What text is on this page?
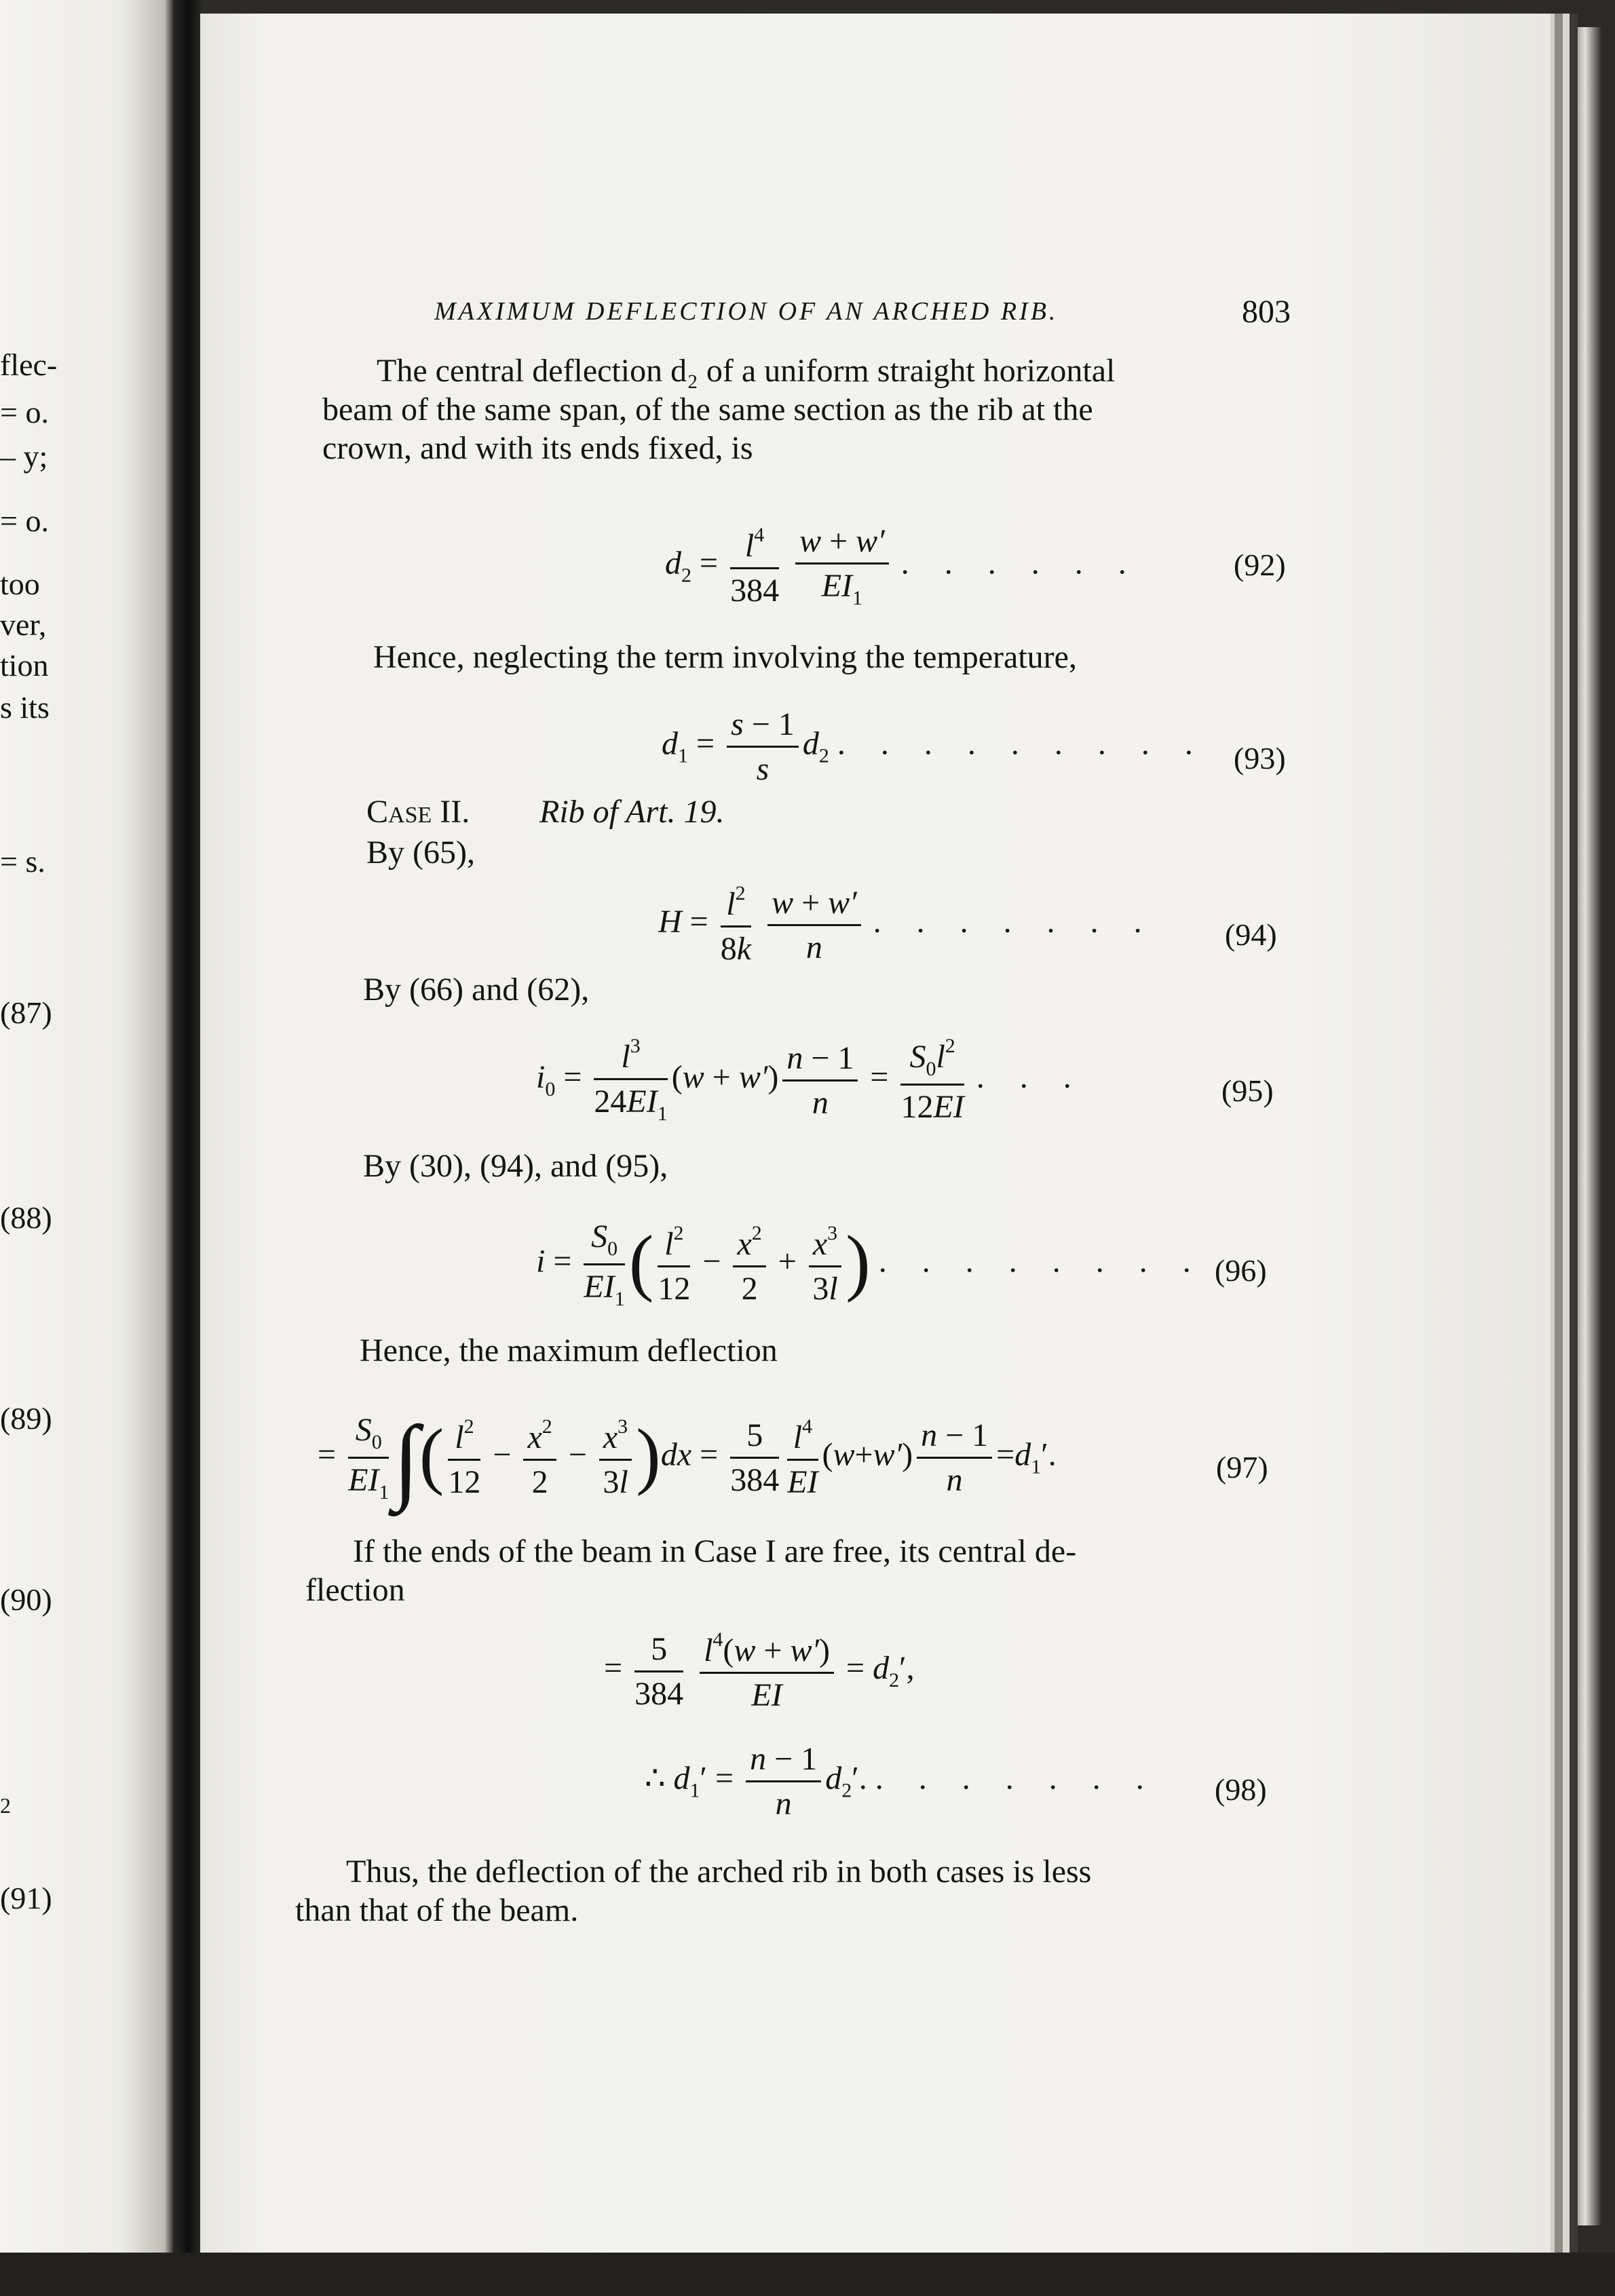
flec-
= o.
– y;
= o.
too
ver,
tion
s its
= s.
(87)
(88)
(89)
(90)
2
(91)
MAXIMUM DEFLECTION OF AN ARCHED RIB.	803
The central deflection d₂ of a uniform straight horizontal
beam of the same span, of the same section as the rib at the
crown, and with its ends fixed, is
$d_2 = \frac{l^4}{384}$
$\frac{w + w'}{EI_1}$ . . . . . .	(92)
Hence, neglecting the term involving the temperature,
$d_1 = \frac{s - 1}{s} d_2$ . . . . . . . . . (93)
Case II. Rib of Art. 19.
By (65),
$H = \frac{l^2}{8k}$
$\frac{w + w'}{n}$ . . . . . . . (94)
By (66) and (62),
$i_0 = \frac{l^3}{24EI_1} (w + w') \frac{n - 1}{n} = \frac{S_0l^2}{12EI}$ . . .	(95)
By (30), (94), and (95),
$i = \frac{S_0}{EI_1}$ ( $\frac{l^2}{12} - \frac{x^2}{2} + \frac{x^3}{3l}$ ) . . . . . . . . (96)
Hence, the maximum deflection
= $\frac{S_0}{EI_1}$ ∫( $\frac{l^2}{12} - \frac{x^2}{2} - \frac{x^3}{3l} )dx = \frac{5}{384} \frac{l^4}{EI} (w+w') \frac{n - 1}{n} =d_1'$.	(97)
If the ends of the beam in Case I are free, its central de-
flection
= $\frac{5}{384}$
$\frac{l^4(w + w')}{EI} = d_2'$,
∴ $d_1' = \frac{n - 1}{n} d_2'$. . . . . . . . (98)
Thus, the deflection of the arched rib in both cases is less
than that of the beam.
